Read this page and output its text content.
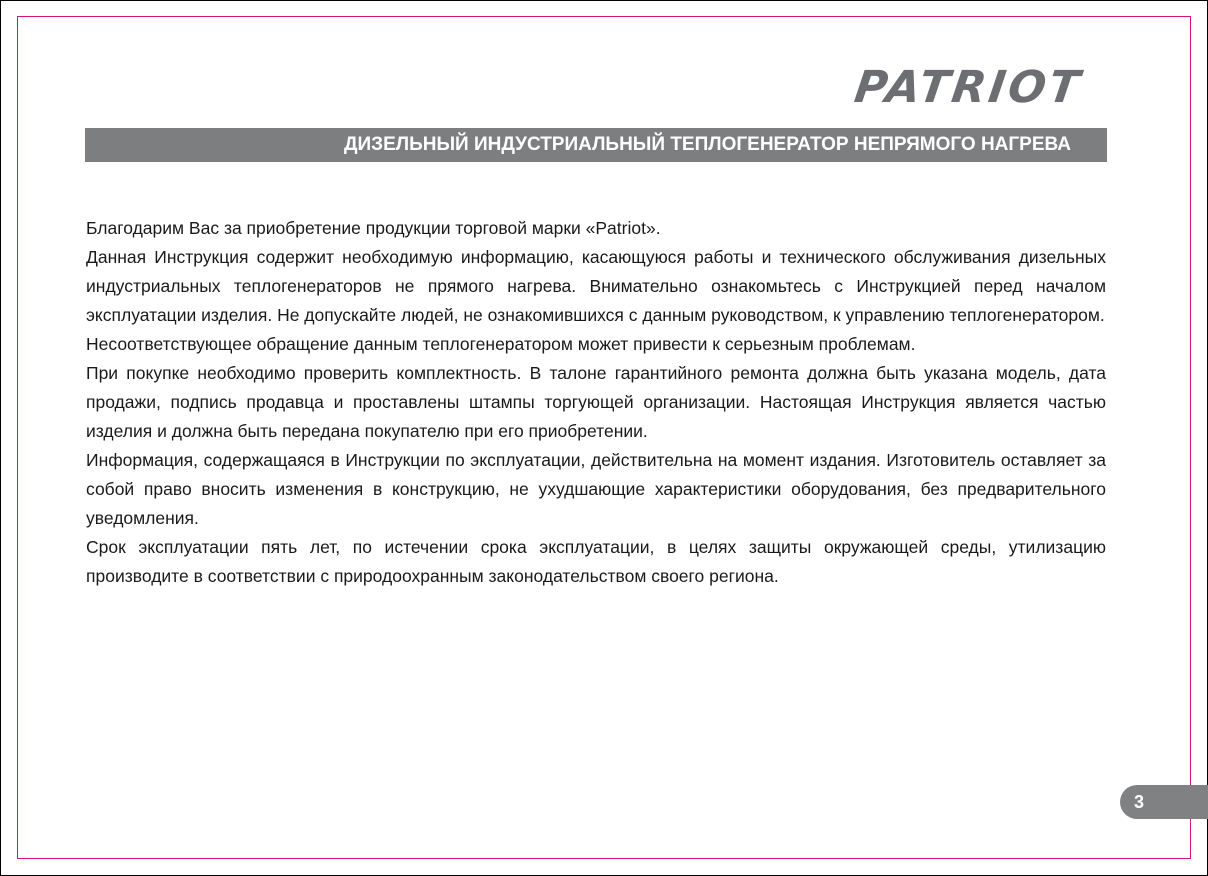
PATRIOT
ДИЗЕЛЬНЫЙ ИНДУСТРИАЛЬНЫЙ ТЕПЛОГЕНЕРАТОР НЕПРЯМОГО НАГРЕВА

Благодарим Вас за приобретение продукции торговой марки «Patriot».

Данная Инструкция содержит необходимую информацию, касающуюся работы и технического обслуживания дизельных индустриальных теплогенераторов не прямого нагрева. Внимательно ознакомьтесь с Инструкцией перед началом эксплуатации изделия. Не допускайте людей, не ознакомившихся с данным руководством, к управлению теплогенератором.

Несоответствующее обращение данным теплогенератором может привести к серьезным проблемам.

При покупке необходимо проверить комплектность. В талоне гарантийного ремонта должна быть указана модель, дата продажи, подпись продавца и проставлены штампы торгующей организации. Настоящая Инструкция является частью изделия и должна быть передана покупателю при его приобретении.

Информация, содержащаяся в Инструкции по эксплуатации, действительна на момент издания. Изготовитель оставляет за собой право вносить изменения в конструкцию, не ухудшающие характеристики оборудования, без предварительного уведомления.

Срок эксплуатации пять лет, по истечении срока эксплуатации, в целях защиты окружающей среды, утилизацию производите в соответствии с природоохранным законодательством своего региона.

3
